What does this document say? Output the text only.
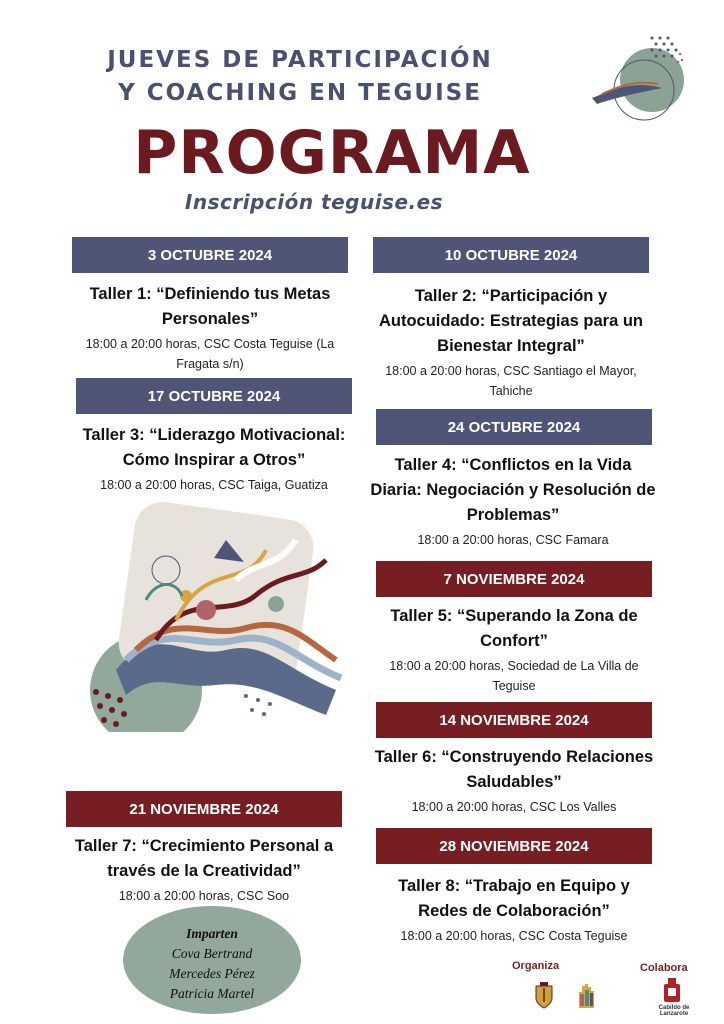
JUEVES DE PARTICIPACIÓN
Y COACHING EN TEGUISE
PROGRAMA
Inscripción teguise.es
3 OCTUBRE 2024
Taller 1: “Definiendo tus Metas Personales”
18:00 a 20:00 horas, CSC Costa Teguise (La Fragata s/n)
10 OCTUBRE 2024
Taller 2: “Participación y Autocuidado: Estrategias para un Bienestar Integral”
18:00 a 20:00 horas, CSC Santiago el Mayor, Tahiche
17 OCTUBRE 2024
Taller 3: “Liderazgo Motivacional: Cómo Inspirar a Otros”
18:00 a 20:00 horas, CSC Taiga, Guatiza
24 OCTUBRE 2024
Taller 4: “Conflictos en la Vida Diaria: Negociación y Resolución de Problemas”
18:00 a 20:00 horas, CSC Famara
7 NOVIEMBRE 2024
Taller 5: “Superando la Zona de Confort”
18:00 a 20:00 horas, Sociedad de La Villa de Teguise
14 NOVIEMBRE 2024
Taller 6: “Construyendo Relaciones Saludables”
18:00 a 20:00 horas, CSC Los Valles
21 NOVIEMBRE 2024
Taller 7: “Crecimiento Personal a través de la Creatividad”
18:00 a 20:00 horas, CSC Soo
28 NOVIEMBRE 2024
Taller 8: “Trabajo en Equipo y Redes de Colaboración”
18:00 a 20:00 horas, CSC Costa Teguise
Imparten
Cova Bertrand
Mercedes Pérez
Patricia Martel
Organiza	Colabora
Cabildo de Lanzarote
